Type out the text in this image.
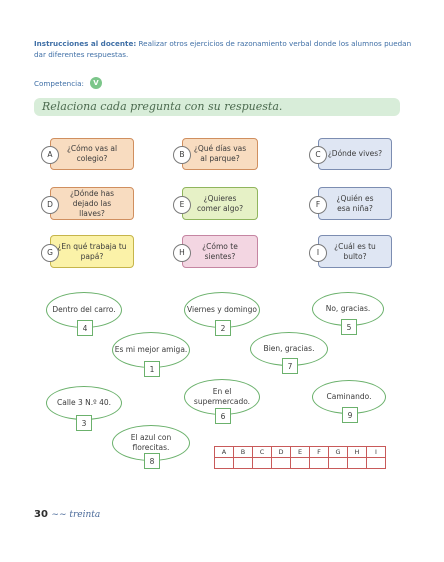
Instrucciones al docente: Realizar otros ejercicios de razonamiento verbal donde los alumnos puedan dar diferentes respuestas.
Competencia:	V
Relaciona cada pregunta con su respuesta.
A
¿Cómo vas al colegio?	B
¿Qué días vas al parque?	C ¿Dónde vives?
D
¿Dónde has dejado las llaves?
E
¿Quieres comer algo?	F
¿Quién es esa niña?
G
¿En qué trabaja tu papá?	H
¿Cómo te sientes?	I
¿Cuál es tu bulto?
Dentro del carro.
4
Viernes y domingo
2
No, gracias.
5
Es mi mejor amiga.
1
Bien, gracias.
7
En el supermercado.
6
Calle 3 N.º 40.
3
Caminando.
9
El azul con florecitas.
8
A	B	C	D	E	F	G	H	I

30 ∼∼ treinta
